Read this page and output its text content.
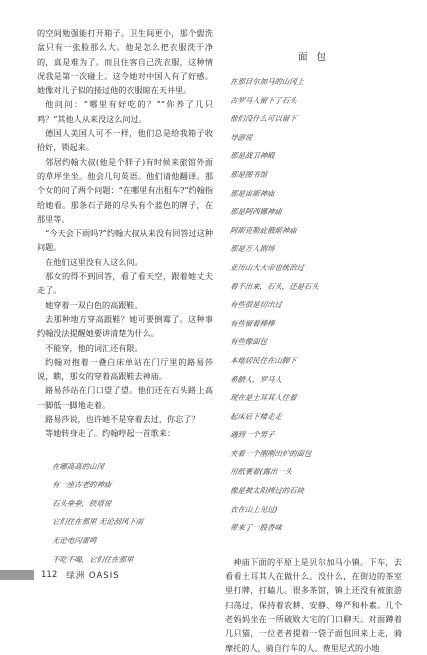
的空间勉强能打开箱子。卫生间更小，那个盥洗盆只有一张脸那么大。他是怎么把衣服洗干净的，真是难为了。而且住客自己洗衣服，这种情况我是第一次碰上。这令她对中国人有了好感。她像对儿子似的接过他的衣服晾在天井里。

他问问：“哪里有好吃的？”“你养了几只鸡？”其他人从来没这么问过。

德国人美国人可不一样，他们总是给我箱子收拾好，锁起来。

邻居约翰大叔(他是个胖子)有时候来旅馆外面的草坪坐坐。他会几句英语。他们请他翻译。那个女的问了两个问题：“在哪里有出租车?”约翰指给她看。那条石子路的尽头有个蓝色的牌子，在那里等。

“今天会下雨吗?”约翰大叔从来没有回答过这种问题。

在他们这里没有人这么问。

那女的得不到回答，看了看天空，跟着她丈夫走了。

她穿着一双白色的高跟鞋。

去那种地方穿高跟鞋？她可要倒霉了。这种事约翰没法提醒她要讲清楚为什么。

不能穿，他的词汇还有限。

约翰对抱着一叠白床单站在门厅里的路易莎说，瞧，那女的穿着高跟鞋去神庙。

路易莎站在门口望了望。他们还在石头路上高一脚低一脚地走着。

路易莎说，也许她不是穿着去过，你忘了？

等她转身走了。约翰哼起一首歌来：

在哪高高的山冈
有一座古老的神庙
石头垒垒，铁塔说
它们住在那里 无论刮风下雨
无论电闪雷鸣
不吃不喝，它们住在那里
面 包
在那目尔加马的山冈上
古罗马人留下了石头
他们没什么可以留下
导游说
那是战卫神殿
那是图书馆
那是宙斯神庙
那是阿西娜神庙
阿斯克勒庇俄斯神庙
那是万人剧场
亚历山大大帝也统治过
看不出来，石头，还是石头
有些很是切出过
有些留着棒棒
有些像面包
本地居民住在山脚下
希腊人，罗马人
现在是土耳其人住着
起床后下楼走走
遇到一个男子
夹着一个刚刚出炉的面包
用纸裹着(露出一头
像是被太阳烤过的石块
衣在山上见过)
带来了一股香味

神庙下面的平原上是贝尔加马小镇。下车，去看看土耳其人在做什么。没什么，在街边的茶室里打牌，打瞌儿。很多茶馆，镇上还没有被旅游扫荡过，保持着农耕、安静、尊严和朴素。几个老妈妈坐在一所破败大宅的门口聊天。对面蹲着几只猫，一位老者提着一袋子面包回来上走，骑摩托的人，骑自行车的人。费里尼式的小地

112 绿洲 OASIS
